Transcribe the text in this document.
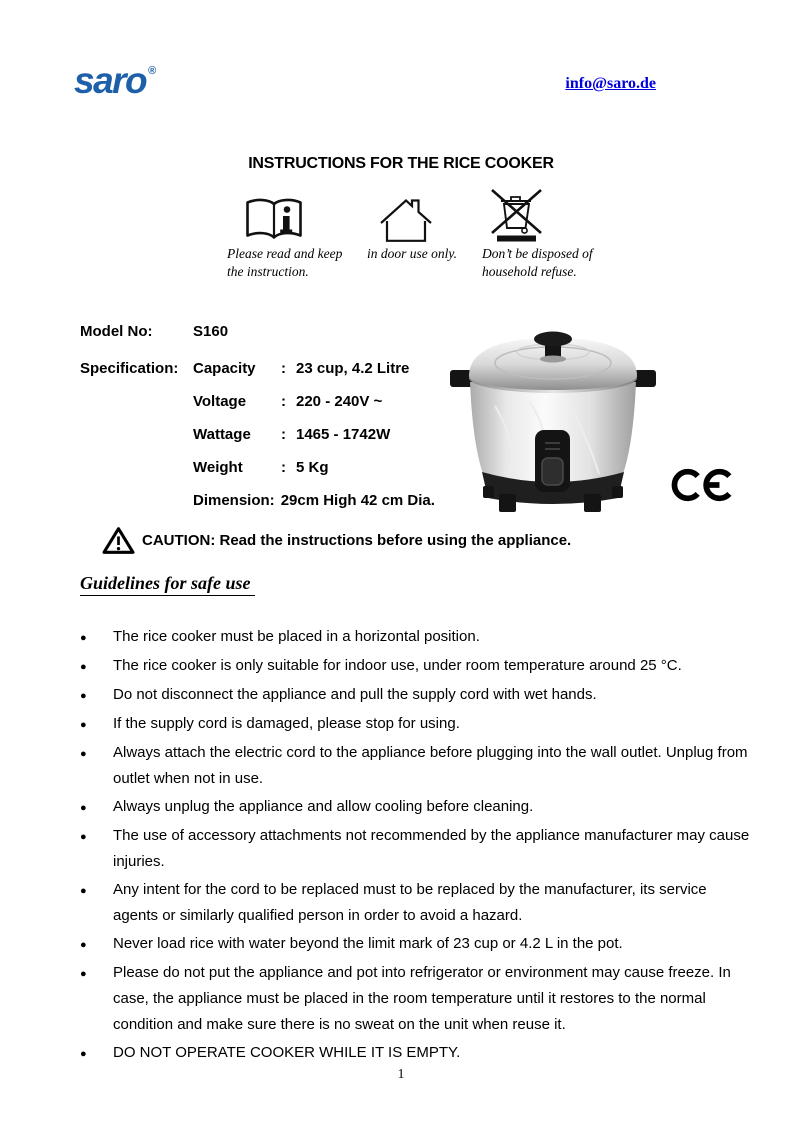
saro ®
info@saro.de
INSTRUCTIONS FOR THE RICE COOKER
Please read and keep the instruction.
in door use only.	Don’t be disposed of household refuse.
Model No:	S160
Specification: Capacity	: 23 cup, 4.2 Litre
Voltage	: 220 - 240V ~
Wattage	: 1465 - 1742W
Weight	: 5 Kg
Dimension: 29cm High 42 cm Dia.
CAUTION: Read the instructions before using the appliance.
Guidelines for safe use
●
The rice cooker must be placed in a horizontal position.
●
The rice cooker is only suitable for indoor use, under room temperature around 25 °C.
●
Do not disconnect the appliance and pull the supply cord with wet hands.
●
If the supply cord is damaged, please stop for using.
●
Always attach the electric cord to the appliance before plugging into the wall outlet. Unplug from outlet when not in use.
●
Always unplug the appliance and allow cooling before cleaning.
●
The use of accessory attachments not recommended by the appliance manufacturer may cause injuries.
●
Any intent for the cord to be replaced must to be replaced by the manufacturer, its service agents or similarly qualified person in order to avoid a hazard.
●
Never load rice with water beyond the limit mark of 23 cup or 4.2 L in the pot.
●
Please do not put the appliance and pot into refrigerator or environment may cause freeze. In case, the appliance must be placed in the room temperature until it restores to the normal condition and make sure there is no sweat on the unit when reuse it.
●
DO NOT OPERATE COOKER WHILE IT IS EMPTY.
1
